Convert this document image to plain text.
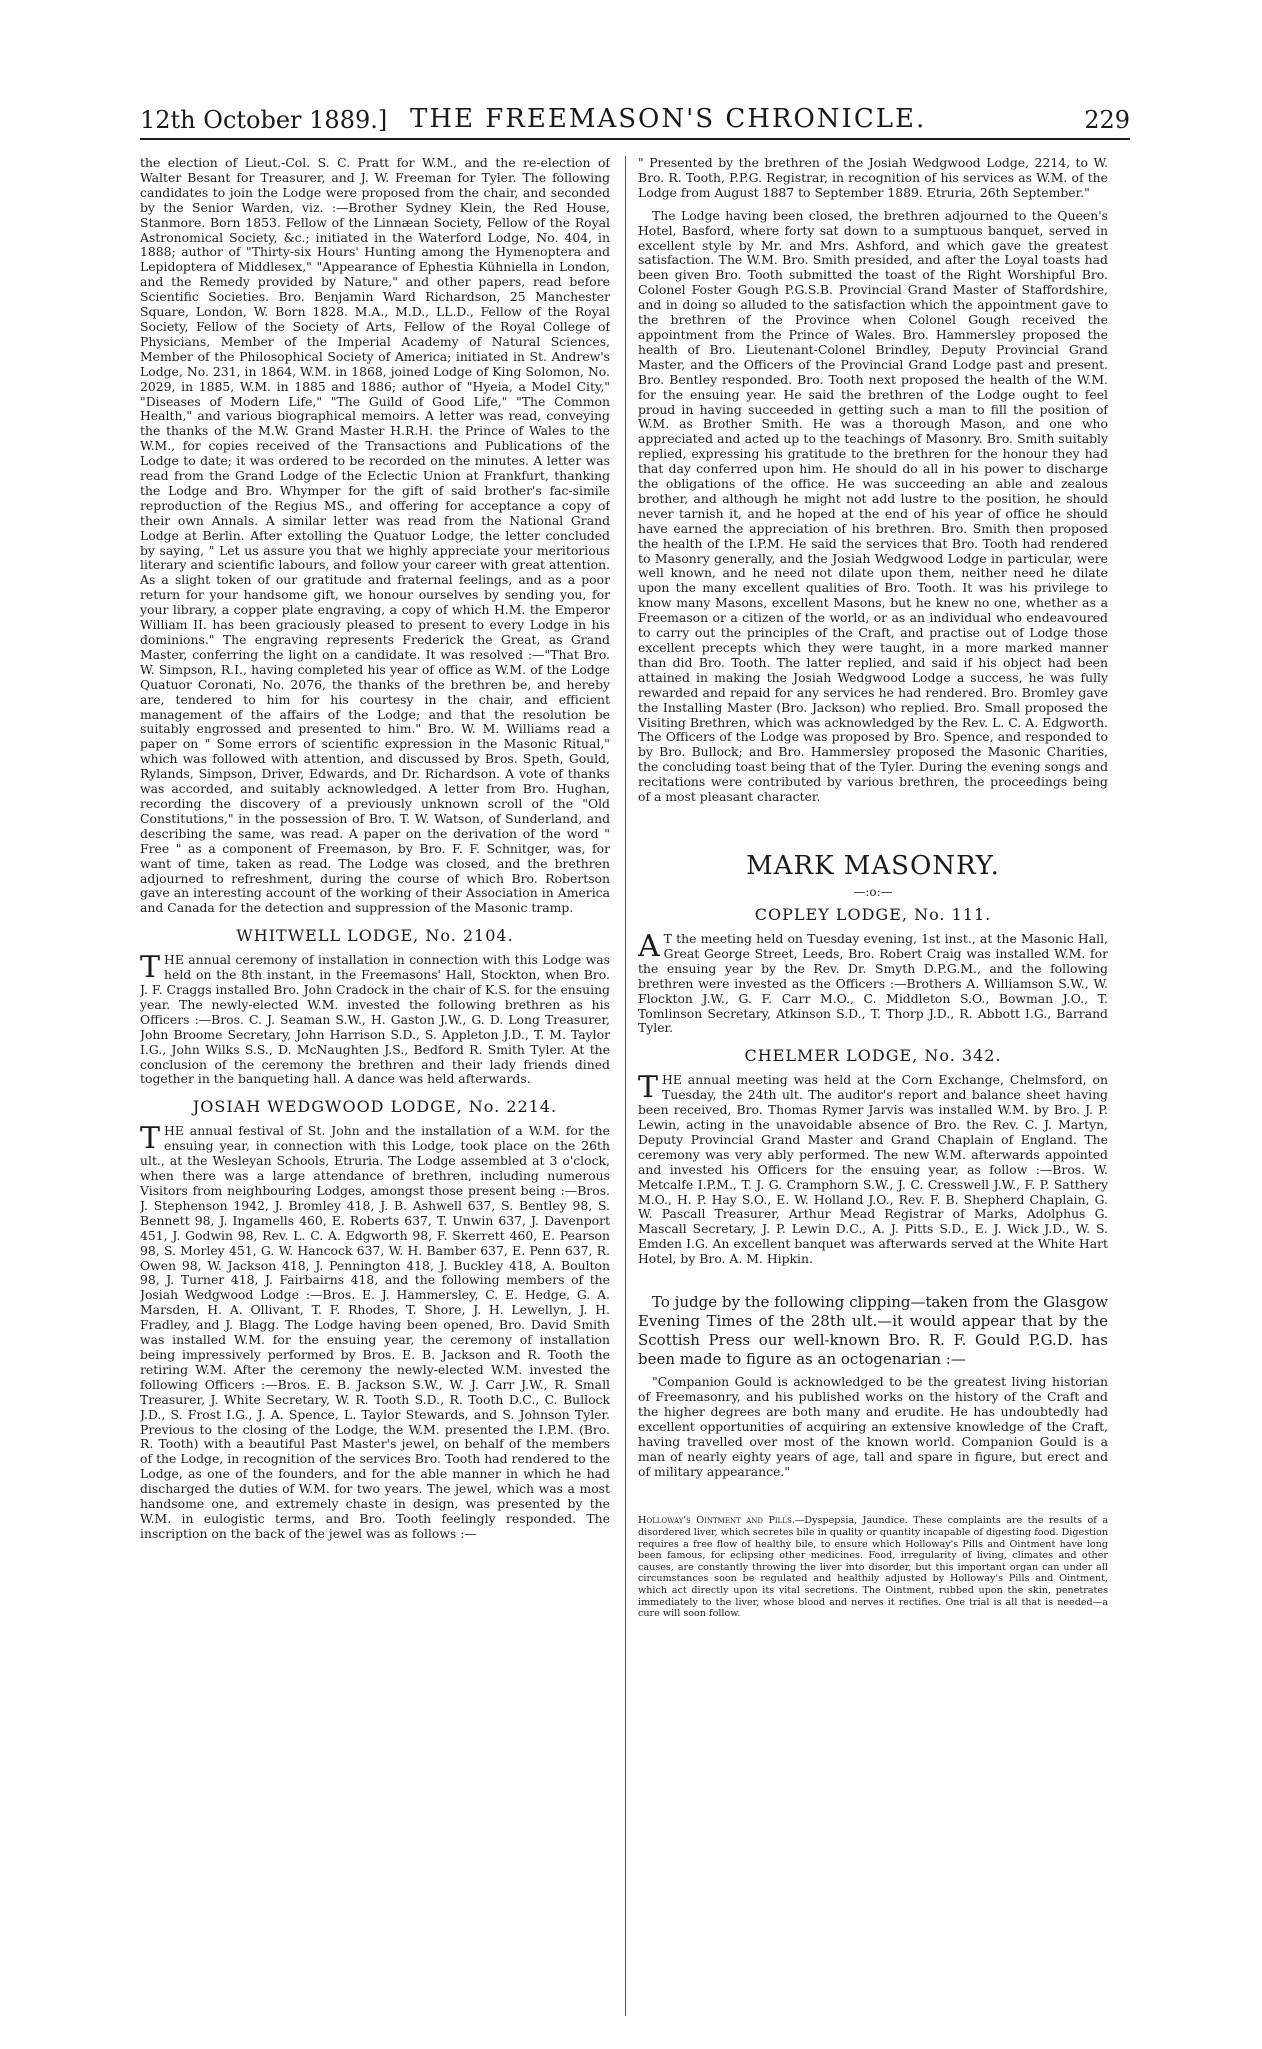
12th October 1889.] THE FREEMASON'S CHRONICLE.	229

the election of Lieut.-Col. S. C. Pratt for W.M., and the re-election of Walter Besant for Treasurer, and J. W. Freeman for Tyler. The following candidates to join the Lodge were proposed from the chair, and seconded by the Senior Warden, viz. :—Brother Sydney Klein, the Red House, Stanmore. Born 1853. Fellow of the Linnæan Society, Fellow of the Royal Astronomical Society, &c.; initiated in the Waterford Lodge, No. 404, in 1888; author of "Thirty-six Hours' Hunting among the Hymenoptera and Lepidoptera of Middlesex," "Appearance of Ephestia Kühniella in London, and the Remedy provided by Nature," and other papers, read before Scientific Societies. Bro. Benjamin Ward Richardson, 25 Manchester Square, London, W. Born 1828. M.A., M.D., LL.D., Fellow of the Royal Society, Fellow of the Society of Arts, Fellow of the Royal College of Physicians, Member of the Imperial Academy of Natural Sciences, Member of the Philosophical Society of America; initiated in St. Andrew's Lodge, No. 231, in 1864, W.M. in 1868, joined Lodge of King Solomon, No. 2029, in 1885, W.M. in 1885 and 1886; author of "Hyeia, a Model City," "Diseases of Modern Life," "The Guild of Good Life," "The Common Health," and various biographical memoirs. A letter was read, conveying the thanks of the M.W. Grand Master H.R.H. the Prince of Wales to the W.M., for copies received of the Transactions and Publications of the Lodge to date; it was ordered to be recorded on the minutes. A letter was read from the Grand Lodge of the Eclectic Union at Frankfurt, thanking the Lodge and Bro. Whymper for the gift of said brother's fac-simile reproduction of the Regius MS., and offering for acceptance a copy of their own Annals. A similar letter was read from the National Grand Lodge at Berlin. After extolling the Quatuor Lodge, the letter concluded by saying, " Let us assure you that we highly appreciate your meritorious literary and scientific labours, and follow your career with great attention. As a slight token of our gratitude and fraternal feelings, and as a poor return for your handsome gift, we honour ourselves by sending you, for your library, a copper plate engraving, a copy of which H.M. the Emperor William II. has been graciously pleased to present to every Lodge in his dominions." The engraving represents Frederick the Great, as Grand Master, conferring the light on a candidate. It was resolved :—"That Bro. W. Simpson, R.I., having completed his year of office as W.M. of the Lodge Quatuor Coronati, No. 2076, the thanks of the brethren be, and hereby are, tendered to him for his courtesy in the chair, and efficient management of the affairs of the Lodge; and that the resolution be suitably engrossed and presented to him." Bro. W. M. Williams read a paper on " Some errors of scientific expression in the Masonic Ritual," which was followed with attention, and discussed by Bros. Speth, Gould, Rylands, Simpson, Driver, Edwards, and Dr. Richardson. A vote of thanks was accorded, and suitably acknowledged. A letter from Bro. Hughan, recording the discovery of a previously unknown scroll of the "Old Constitutions," in the possession of Bro. T. W. Watson, of Sunderland, and describing the same, was read. A paper on the derivation of the word " Free " as a component of Freemason, by Bro. F. F. Schnitger, was, for want of time, taken as read. The Lodge was closed, and the brethren adjourned to refreshment, during the course of which Bro. Robertson gave an interesting account of the working of their Association in America and Canada for the detection and suppression of the Masonic tramp.

WHITWELL LODGE, No. 2104.

THE annual ceremony of installation in connection with this Lodge was held on the 8th instant, in the Freemasons' Hall, Stockton, when Bro. J. F. Craggs installed Bro. John Cradock in the chair of K.S. for the ensuing year. The newly-elected W.M. invested the following brethren as his Officers :—Bros. C. J. Seaman S.W., H. Gaston J.W., G. D. Long Treasurer, John Broome Secretary, John Harrison S.D., S. Appleton J.D., T. M. Taylor I.G., John Wilks S.S., D. McNaughten J.S., Bedford R. Smith Tyler. At the conclusion of the ceremony the brethren and their lady friends dined together in the banqueting hall. A dance was held afterwards.

JOSIAH WEDGWOOD LODGE, No. 2214.

THE annual festival of St. John and the installation of a W.M. for the ensuing year, in connection with this Lodge, took place on the 26th ult., at the Wesleyan Schools, Etruria. The Lodge assembled at 3 o'clock, when there was a large attendance of brethren, including numerous Visitors from neighbouring Lodges, amongst those present being :—Bros. J. Stephenson 1942, J. Bromley 418, J. B. Ashwell 637, S. Bentley 98, S. Bennett 98, J. Ingamells 460, E. Roberts 637, T. Unwin 637, J. Davenport 451, J. Godwin 98, Rev. L. C. A. Edgworth 98, F. Skerrett 460, E. Pearson 98, S. Morley 451, G. W. Hancock 637, W. H. Bamber 637, E. Penn 637, R. Owen 98, W. Jackson 418, J. Pennington 418, J. Buckley 418, A. Boulton 98, J. Turner 418, J. Fairbairns 418, and the following members of the Josiah Wedgwood Lodge :—Bros. E. J. Hammersley, C. E. Hedge, G. A. Marsden, H. A. Ollivant, T. F. Rhodes, T. Shore, J. H. Lewellyn, J. H. Fradley, and J. Blagg. The Lodge having been opened, Bro. David Smith was installed W.M. for the ensuing year, the ceremony of installation being impressively performed by Bros. E. B. Jackson and R. Tooth the retiring W.M. After the ceremony the newly-elected W.M. invested the following Officers :—Bros. E. B. Jackson S.W., W. J. Carr J.W., R. Small Treasurer, J. White Secretary, W. R. Tooth S.D., R. Tooth D.C., C. Bullock J.D., S. Frost I.G., J. A. Spence, L. Taylor Stewards, and S. Johnson Tyler. Previous to the closing of the Lodge, the W.M. presented the I.P.M. (Bro. R. Tooth) with a beautiful Past Master's jewel, on behalf of the members of the Lodge, in recognition of the services Bro. Tooth had rendered to the Lodge, as one of the founders, and for the able manner in which he had discharged the duties of W.M. for two years. The jewel, which was a most handsome one, and extremely chaste in design, was presented by the W.M. in eulogistic terms, and Bro. Tooth feelingly responded. The inscription on the back of the jewel was as follows :—

" Presented by the brethren of the Josiah Wedgwood Lodge, 2214, to W. Bro. R. Tooth, P.P.G. Registrar, in recognition of his services as W.M. of the Lodge from August 1887 to September 1889. Etruria, 26th September."

The Lodge having been closed, the brethren adjourned to the Queen's Hotel, Basford, where forty sat down to a sumptuous banquet, served in excellent style by Mr. and Mrs. Ashford, and which gave the greatest satisfaction. The W.M. Bro. Smith presided, and after the Loyal toasts had been given Bro. Tooth submitted the toast of the Right Worshipful Bro. Colonel Foster Gough P.G.S.B. Provincial Grand Master of Staffordshire, and in doing so alluded to the satisfaction which the appointment gave to the brethren of the Province when Colonel Gough received the appointment from the Prince of Wales. Bro. Hammersley proposed the health of Bro. Lieutenant-Colonel Brindley, Deputy Provincial Grand Master, and the Officers of the Provincial Grand Lodge past and present. Bro. Bentley responded. Bro. Tooth next proposed the health of the W.M. for the ensuing year. He said the brethren of the Lodge ought to feel proud in having succeeded in getting such a man to fill the position of W.M. as Brother Smith. He was a thorough Mason, and one who appreciated and acted up to the teachings of Masonry. Bro. Smith suitably replied, expressing his gratitude to the brethren for the honour they had that day conferred upon him. He should do all in his power to discharge the obligations of the office. He was succeeding an able and zealous brother, and although he might not add lustre to the position, he should never tarnish it, and he hoped at the end of his year of office he should have earned the appreciation of his brethren. Bro. Smith then proposed the health of the I.P.M. He said the services that Bro. Tooth had rendered to Masonry generally, and the Josiah Wedgwood Lodge in particular, were well known, and he need not dilate upon them, neither need he dilate upon the many excellent qualities of Bro. Tooth. It was his privilege to know many Masons, excellent Masons, but he knew no one, whether as a Freemason or a citizen of the world, or as an individual who endeavoured to carry out the principles of the Craft, and practise out of Lodge those excellent precepts which they were taught, in a more marked manner than did Bro. Tooth. The latter replied, and said if his object had been attained in making the Josiah Wedgwood Lodge a success, he was fully rewarded and repaid for any services he had rendered. Bro. Bromley gave the Installing Master (Bro. Jackson) who replied. Bro. Small proposed the Visiting Brethren, which was acknowledged by the Rev. L. C. A. Edgworth. The Officers of the Lodge was proposed by Bro. Spence, and responded to by Bro. Bullock; and Bro. Hammersley proposed the Masonic Charities, the concluding toast being that of the Tyler. During the evening songs and recitations were contributed by various brethren, the proceedings being of a most pleasant character.

MARK MASONRY.
—:o:—
COPLEY LODGE, No. 111.

A T the meeting held on Tuesday evening, 1st inst., at the Masonic Hall, Great George Street, Leeds, Bro. Robert Craig was installed W.M. for the ensuing year by the Rev. Dr. Smyth D.P.G.M., and the following brethren were invested as the Officers :—Brothers A. Williamson S.W., W. Flockton J.W., G. F. Carr M.O., C. Middleton S.O., Bowman J.O., T. Tomlinson Secretary, Atkinson S.D., T. Thorp J.D., R. Abbott I.G., Barrand Tyler.

CHELMER LODGE, No. 342.

THE annual meeting was held at the Corn Exchange, Chelmsford, on Tuesday, the 24th ult. The auditor's report and balance sheet having been received, Bro. Thomas Rymer Jarvis was installed W.M. by Bro. J. P. Lewin, acting in the unavoidable absence of Bro. the Rev. C. J. Martyn, Deputy Provincial Grand Master and Grand Chaplain of England. The ceremony was very ably performed. The new W.M. afterwards appointed and invested his Officers for the ensuing year, as follow :—Bros. W. Metcalfe I.P.M., T. J. G. Cramphorn S.W., J. C. Cresswell J.W., F. P. Satthery M.O., H. P. Hay S.O., E. W. Holland J.O., Rev. F. B. Shepherd Chaplain, G. W. Pascall Treasurer, Arthur Mead Registrar of Marks, Adolphus G. Mascall Secretary, J. P. Lewin D.C., A. J. Pitts S.D., E. J. Wick J.D., W. S. Emden I.G. An excellent banquet was afterwards served at the White Hart Hotel, by Bro. A. M. Hipkin.

To judge by the following clipping—taken from the Glasgow Evening Times of the 28th ult.—it would appear that by the Scottish Press our well-known Bro. R. F. Gould P.G.D. has been made to figure as an octogenarian :—

"Companion Gould is acknowledged to be the greatest living historian of Freemasonry, and his published works on the history of the Craft and the higher degrees are both many and erudite. He has undoubtedly had excellent opportunities of acquiring an extensive knowledge of the Craft, having travelled over most of the known world. Companion Gould is a man of nearly eighty years of age, tall and spare in figure, but erect and of military appearance."

Holloway's Ointment and Pills.—Dyspepsia, Jaundice. These complaints are the results of a disordered liver, which secretes bile in quality or quantity incapable of digesting food. Digestion requires a free flow of healthy bile, to ensure which Holloway's Pills and Ointment have long been famous, for eclipsing other medicines. Food, irregularity of living, climates and other causes, are constantly throwing the liver into disorder, but this important organ can under all circumstances soon be regulated and healthily adjusted by Holloway's Pills and Ointment, which act directly upon its vital secretions. The Ointment, rubbed upon the skin, penetrates immediately to the liver, whose blood and nerves it rectifies. One trial is all that is needed—a cure will soon follow.
